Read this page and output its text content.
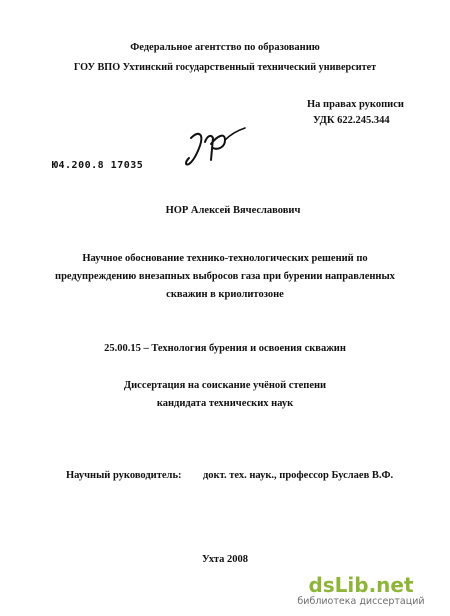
Федеральное агентство по образованию
ГОУ ВПО Ухтинский государственный технический университет
На правах рукописи
УДК 622.245.344
Ю4.200.8 17035
НОР Алексей Вячеславович
Научное обоснование технико-технологических решений по
предупреждению внезапных выбросов газа при бурении направленных
скважин в криолитозоне
25.00.15 – Технология бурения и освоения скважин
Диссертация на соискание учёной степени
кандидата технических наук
Научный руководитель: докт. тех. наук., профессор Буслаев В.Ф.
Ухта 2008
dsLib.net
библиотека диссертаций
